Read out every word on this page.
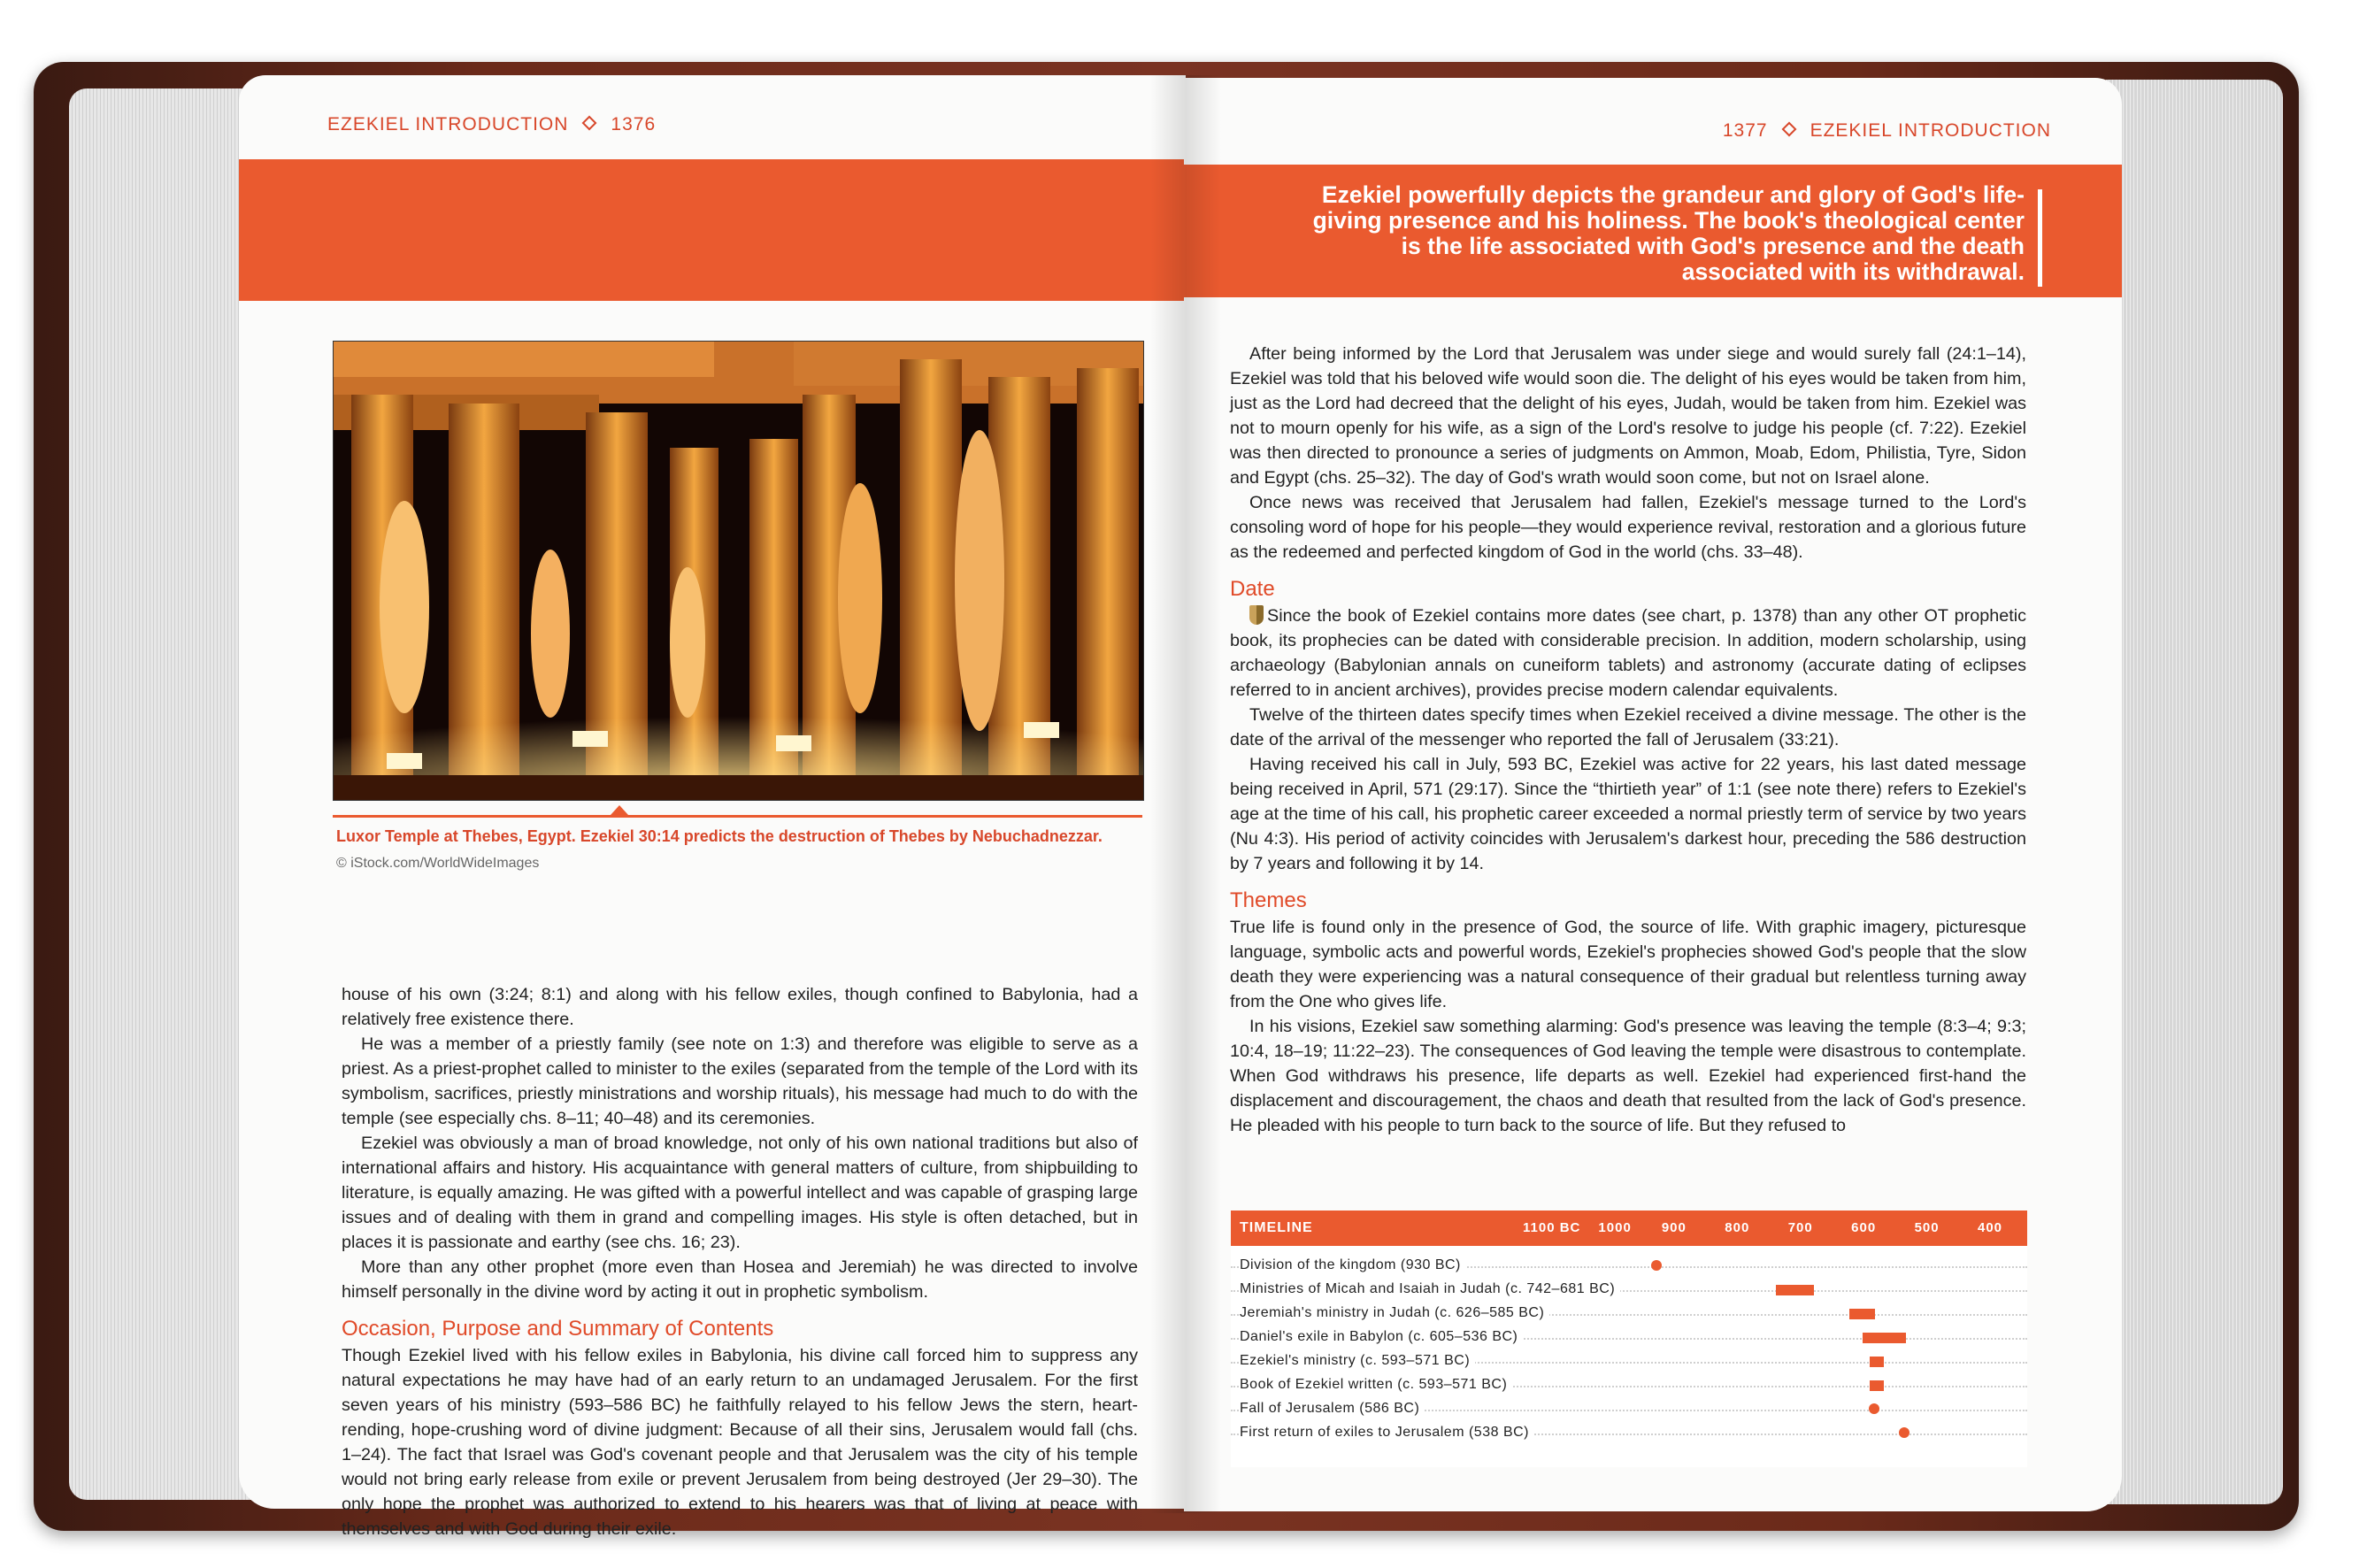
EZEKIEL INTRODUCTION 1376
Luxor Temple at Thebes, Egypt. Ezekiel 30:14 predicts the destruction of Thebes by Nebuchadnezzar.
© iStock.com/WorldWideImages

house of his own (3:24; 8:1) and along with his fellow exiles, though confined to Babylonia, had a relatively free existence there.

He was a member of a priestly family (see note on 1:3) and therefore was eligible to serve as a priest. As a priest-prophet called to minister to the exiles (separated from the temple of the Lord with its symbolism, sacrifices, priestly ministrations and worship rituals), his message had much to do with the temple (see especially chs. 8–11; 40–48) and its ceremonies.

Ezekiel was obviously a man of broad knowledge, not only of his own national traditions but also of international affairs and history. His acquaintance with general matters of culture, from shipbuilding to literature, is equally amazing. He was gifted with a powerful intellect and was capable of grasping large issues and of dealing with them in grand and compelling images. His style is often detached, but in places it is passionate and earthy (see chs. 16; 23).

More than any other prophet (more even than Hosea and Jeremiah) he was directed to involve himself personally in the divine word by acting it out in prophetic symbolism.

Occasion, Purpose and Summary of Contents

Though Ezekiel lived with his fellow exiles in Babylonia, his divine call forced him to suppress any natural expectations he may have had of an early return to an undamaged Jerusalem. For the first seven years of his ministry (593–586 BC) he faithfully relayed to his fellow Jews the stern, heart-rending, hope-crushing word of divine judgment: Because of all their sins, Jerusalem would fall (chs. 1–24). The fact that Israel was God's covenant people and that Jerusalem was the city of his temple would not bring early release from exile or prevent Jerusalem from being destroyed (Jer 29–30). The only hope the prophet was authorized to extend to his hearers was that of living at peace with themselves and with God during their exile.

1377 EZEKIEL INTRODUCTION
Ezekiel powerfully depicts the grandeur and glory of God's life-giving presence and his holiness. The book's theological center is the life associated with God's presence and the death associated with its withdrawal.

After being informed by the Lord that Jerusalem was under siege and would surely fall (24:1–14), Ezekiel was told that his beloved wife would soon die. The delight of his eyes would be taken from him, just as the Lord had decreed that the delight of his eyes, Judah, would be taken from him. Ezekiel was not to mourn openly for his wife, as a sign of the Lord's resolve to judge his people (cf. 7:22). Ezekiel was then directed to pronounce a series of judgments on Ammon, Moab, Edom, Philistia, Tyre, Sidon and Egypt (chs. 25–32). The day of God's wrath would soon come, but not on Israel alone.

Once news was received that Jerusalem had fallen, Ezekiel's message turned to the Lord's consoling word of hope for his people—they would experience revival, restoration and a glorious future as the redeemed and perfected kingdom of God in the world (chs. 33–48).

Date

Since the book of Ezekiel contains more dates (see chart, p. 1378) than any other OT prophetic book, its prophecies can be dated with considerable precision. In addition, modern scholarship, using archaeology (Babylonian annals on cuneiform tablets) and astronomy (accurate dating of eclipses referred to in ancient archives), provides precise modern calendar equivalents.

Twelve of the thirteen dates specify times when Ezekiel received a divine message. The other is the date of the arrival of the messenger who reported the fall of Jerusalem (33:21).

Having received his call in July, 593 BC, Ezekiel was active for 22 years, his last dated message being received in April, 571 (29:17). Since the “thirtieth year” of 1:1 (see note there) refers to Ezekiel's age at the time of his call, his prophetic career exceeded a normal priestly term of service by two years (Nu 4:3). His period of activity coincides with Jerusalem's darkest hour, preceding the 586 destruction by 7 years and following it by 14.

Themes

True life is found only in the presence of God, the source of life. With graphic imagery, picturesque language, symbolic acts and powerful words, Ezekiel's prophecies showed God's people that the slow death they were experiencing was a natural consequence of their gradual but relentless turning away from the One who gives life.

In his visions, Ezekiel saw something alarming: God's presence was leaving the temple (8:3–4; 9:3; 10:4, 18–19; 11:22–23). The consequences of God leaving the temple were disastrous to contemplate. When God withdraws his presence, life departs as well. Ezekiel had experienced first-hand the displacement and discouragement, the chaos and death that resulted from the lack of God's presence. He pleaded with his people to turn back to the source of life. But they refused to

TIMELINE	1100 BC 1000 900	800	700	600	500	400
Division of the kingdom (930 BC)
Ministries of Micah and Isaiah in Judah (c. 742–681 BC)
Jeremiah's ministry in Judah (c. 626–585 BC)
Daniel's exile in Babylon (c. 605–536 BC)
Ezekiel's ministry (c. 593–571 BC)
Book of Ezekiel written (c. 593–571 BC)
Fall of Jerusalem (586 BC)
First return of exiles to Jerusalem (538 BC)
